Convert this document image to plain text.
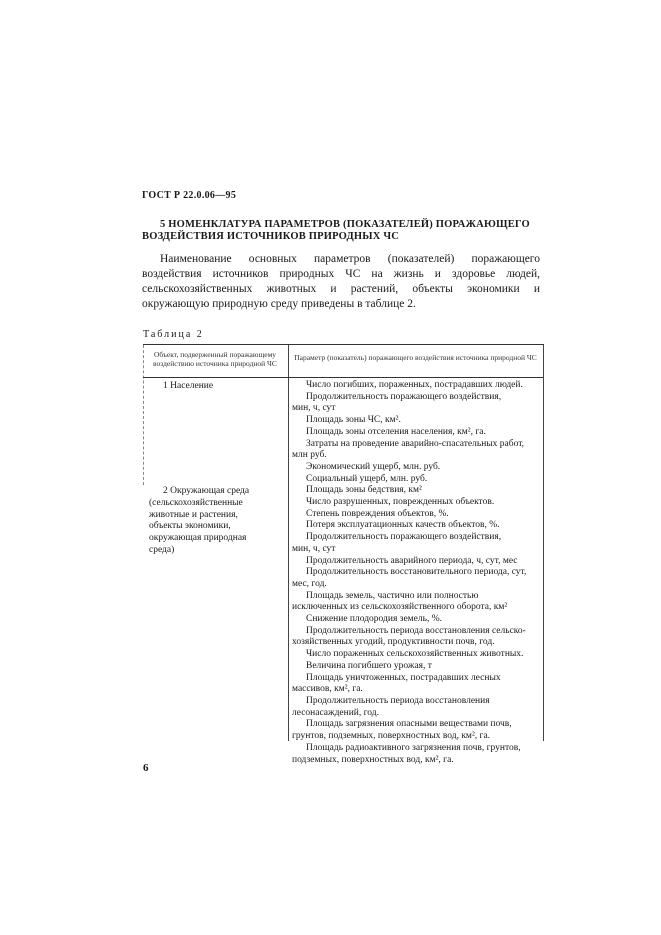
ГОСТ Р 22.0.06—95
5 НОМЕНКЛАТУРА ПАРАМЕТРОВ (ПОКАЗАТЕЛЕЙ) ПОРАЖАЮЩЕГО ВОЗДЕЙСТВИЯ ИСТОЧНИКОВ ПРИРОДНЫХ ЧС
Наименование основных параметров (показателей) поражающего воздействия источников природных ЧС на жизнь и здоровье людей, сельскохозяйственных животных и растений, объекты экономики и окружающую природную среду приведены в таблице 2.
Таблица 2
Объект, подверженный поражающему воздействию источника природной ЧС
Параметр (показатель) поражающего воздействия источника природной ЧС
1 Население
2 Окружающая среда
(сельскохозяйственные
животные и растения,
объекты экономики,
окружающая природная
среда)
Число погибших, пораженных, пострадавших людей.
Продолжительность поражающего воздействия,
мин, ч, сут
Площадь зоны ЧС, км².
Площадь зоны отселения населения, км², га.
Затраты на проведение аварийно-спасательных работ,
млн руб.
Экономический ущерб, млн. руб.
Социальный ущерб, млн. руб.
Площадь зоны бедствия, км²
Число разрушенных, поврежденных объектов.
Степень повреждения объектов, %.
Потеря эксплуатационных качеств объектов, %.
Продолжительность поражающего воздействия,
мин, ч, сут
Продолжительность аварийного периода, ч, сут, мес
Продолжительность восстановительного периода, сут,
мес, год.
Площадь земель, частично или полностью
исключенных из сельскохозяйственного оборота, км²
Снижение плодородия земель, %.
Продолжительность периода восстановления сельско-
хозяйственных угодий, продуктивности почв, год.
Число пораженных сельскохозяйственных животных.
Величина погибшего урожая, т
Площадь уничтоженных, пострадавших лесных
массивов, км², га.
Продолжительность периода восстановления
лесонасаждений, год.
Площадь загрязнения опасными веществами почв,
грунтов, подземных, поверхностных вод, км², га.
Площадь радиоактивного загрязнения почв, грунтов,
подземных, поверхностных вод, км², га.
6
